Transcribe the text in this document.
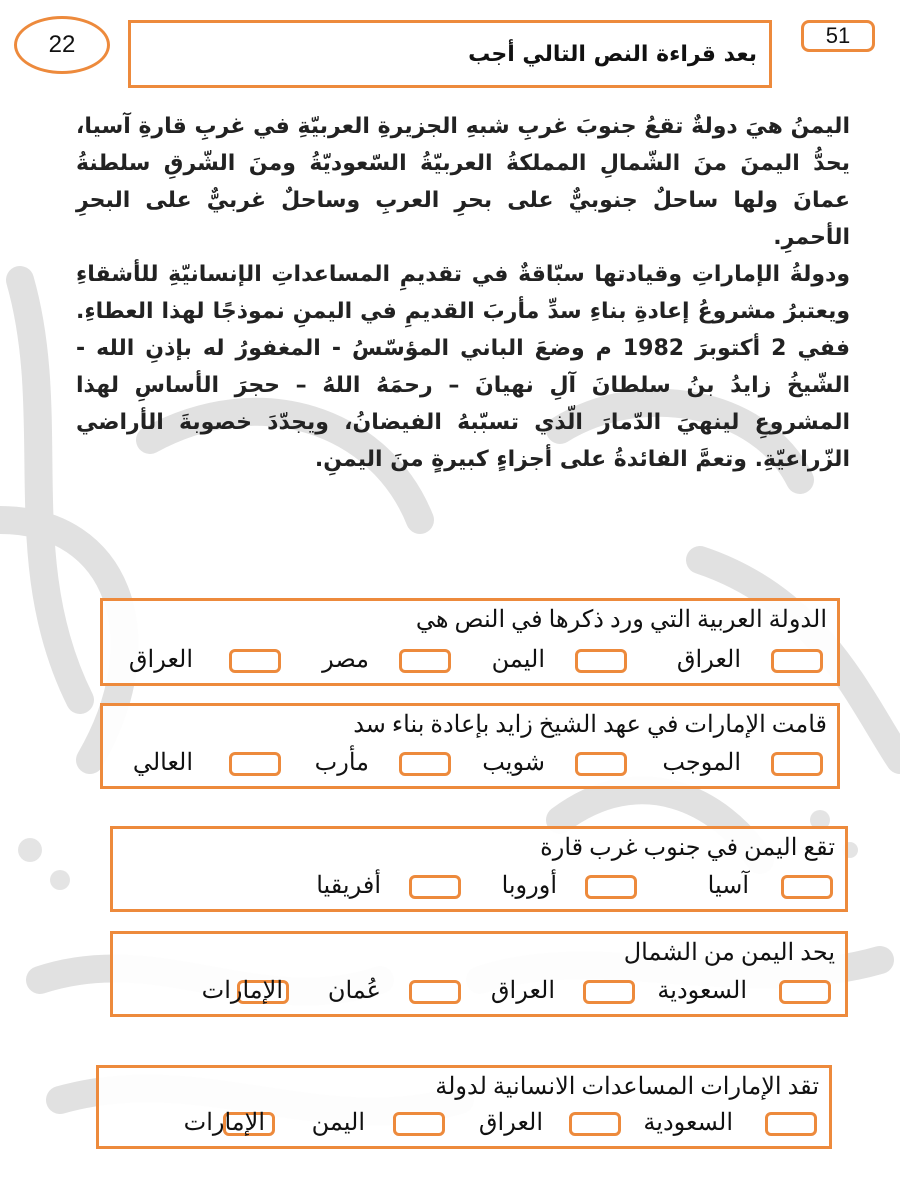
22	بعد قراءة النص التالي أجب
51

اليمنُ هيَ دولةٌ تقعُ جنوبَ غربِ شبهِ الجزيرةِ العربيّةِ في غربِ قارةِ آسيا، يحدُّ اليمنَ منَ الشّمالِ المملكةُ العربيّةُ السّعوديّةُ ومنَ الشّرقِ سلطنةُ عمانَ ولها ساحلٌ جنوبيٌّ على بحرِ العربِ وساحلٌ غربيٌّ على البحرِ الأحمرِ.

ودولةُ الإماراتِ وقيادتها سبّاقةٌ في تقديمِ المساعداتِ الإنسانيّةِ للأشقاءِ ويعتبرُ مشروعُ إعادةِ بناءِ سدِّ مأربَ القديمِ في اليمنِ نموذجًا لهذا العطاءِ. ففي 2 أكتوبرَ 1982 م وضعَ الباني المؤسّسُ - المغفورُ له بإذنِ الله - الشّيخُ زايدُ بنُ سلطانَ آلِ نهيانَ – رحمَهُ اللهُ – حجرَ الأساسِ لهذا المشروعِ لينهيَ الدّمارَ الّذي تسبّبهُ الفيضانُ، ويجدّدَ خصوبةَ الأراضي الزّراعيّةِ. وتعمَّ الفائدةُ على أجزاءٍ كبيرةٍ منَ اليمنِ.

الدولة العربية التي ورد ذكرها في النص هي
العراق
اليمن
مصر
العراق
قامت الإمارات في عهد الشيخ زايد بإعادة بناء سد
الموجب
شويب
مأرب
العالي
تقع اليمن في جنوب غرب قارة
آسيا
أوروبا
أفريقيا
يحد اليمن من الشمال
السعودية
العراق
عُمان
الإمارات
تقد الإمارات المساعدات الانسانية لدولة
السعودية
العراق
اليمن
الإمارات
